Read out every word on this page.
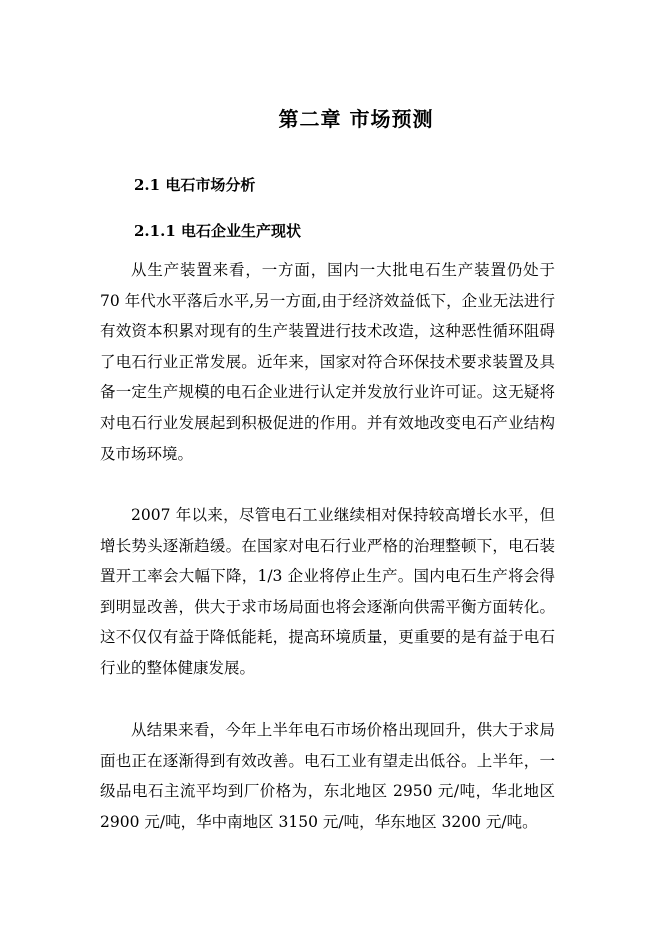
第二章 市场预测
2.1 电石市场分析
2.1.1 电石企业生产现状

从生产装置来看，一方面，国内一大批电石生产装置仍处于 70 年代水平落后水平,另一方面,由于经济效益低下，企业无法进行有效资本积累对现有的生产装置进行技术改造，这种恶性循环阻碍了电石行业正常发展。近年来，国家对符合环保技术要求装置及具备一定生产规模的电石企业进行认定并发放行业许可证。这无疑将对电石行业发展起到积极促进的作用。并有效地改变电石产业结构及市场环境。

2007 年以来，尽管电石工业继续相对保持较高增长水平，但增长势头逐渐趋缓。在国家对电石行业严格的治理整顿下，电石装置开工率会大幅下降，1/3 企业将停止生产。国内电石生产将会得到明显改善，供大于求市场局面也将会逐渐向供需平衡方面转化。这不仅仅有益于降低能耗，提高环境质量，更重要的是有益于电石行业的整体健康发展。

从结果来看，今年上半年电石市场价格出现回升，供大于求局面也正在逐渐得到有效改善。电石工业有望走出低谷。上半年，一级品电石主流平均到厂价格为，东北地区 2950 元/吨，华北地区 2900 元/吨，华中南地区 3150 元/吨，华东地区 3200 元/吨。
